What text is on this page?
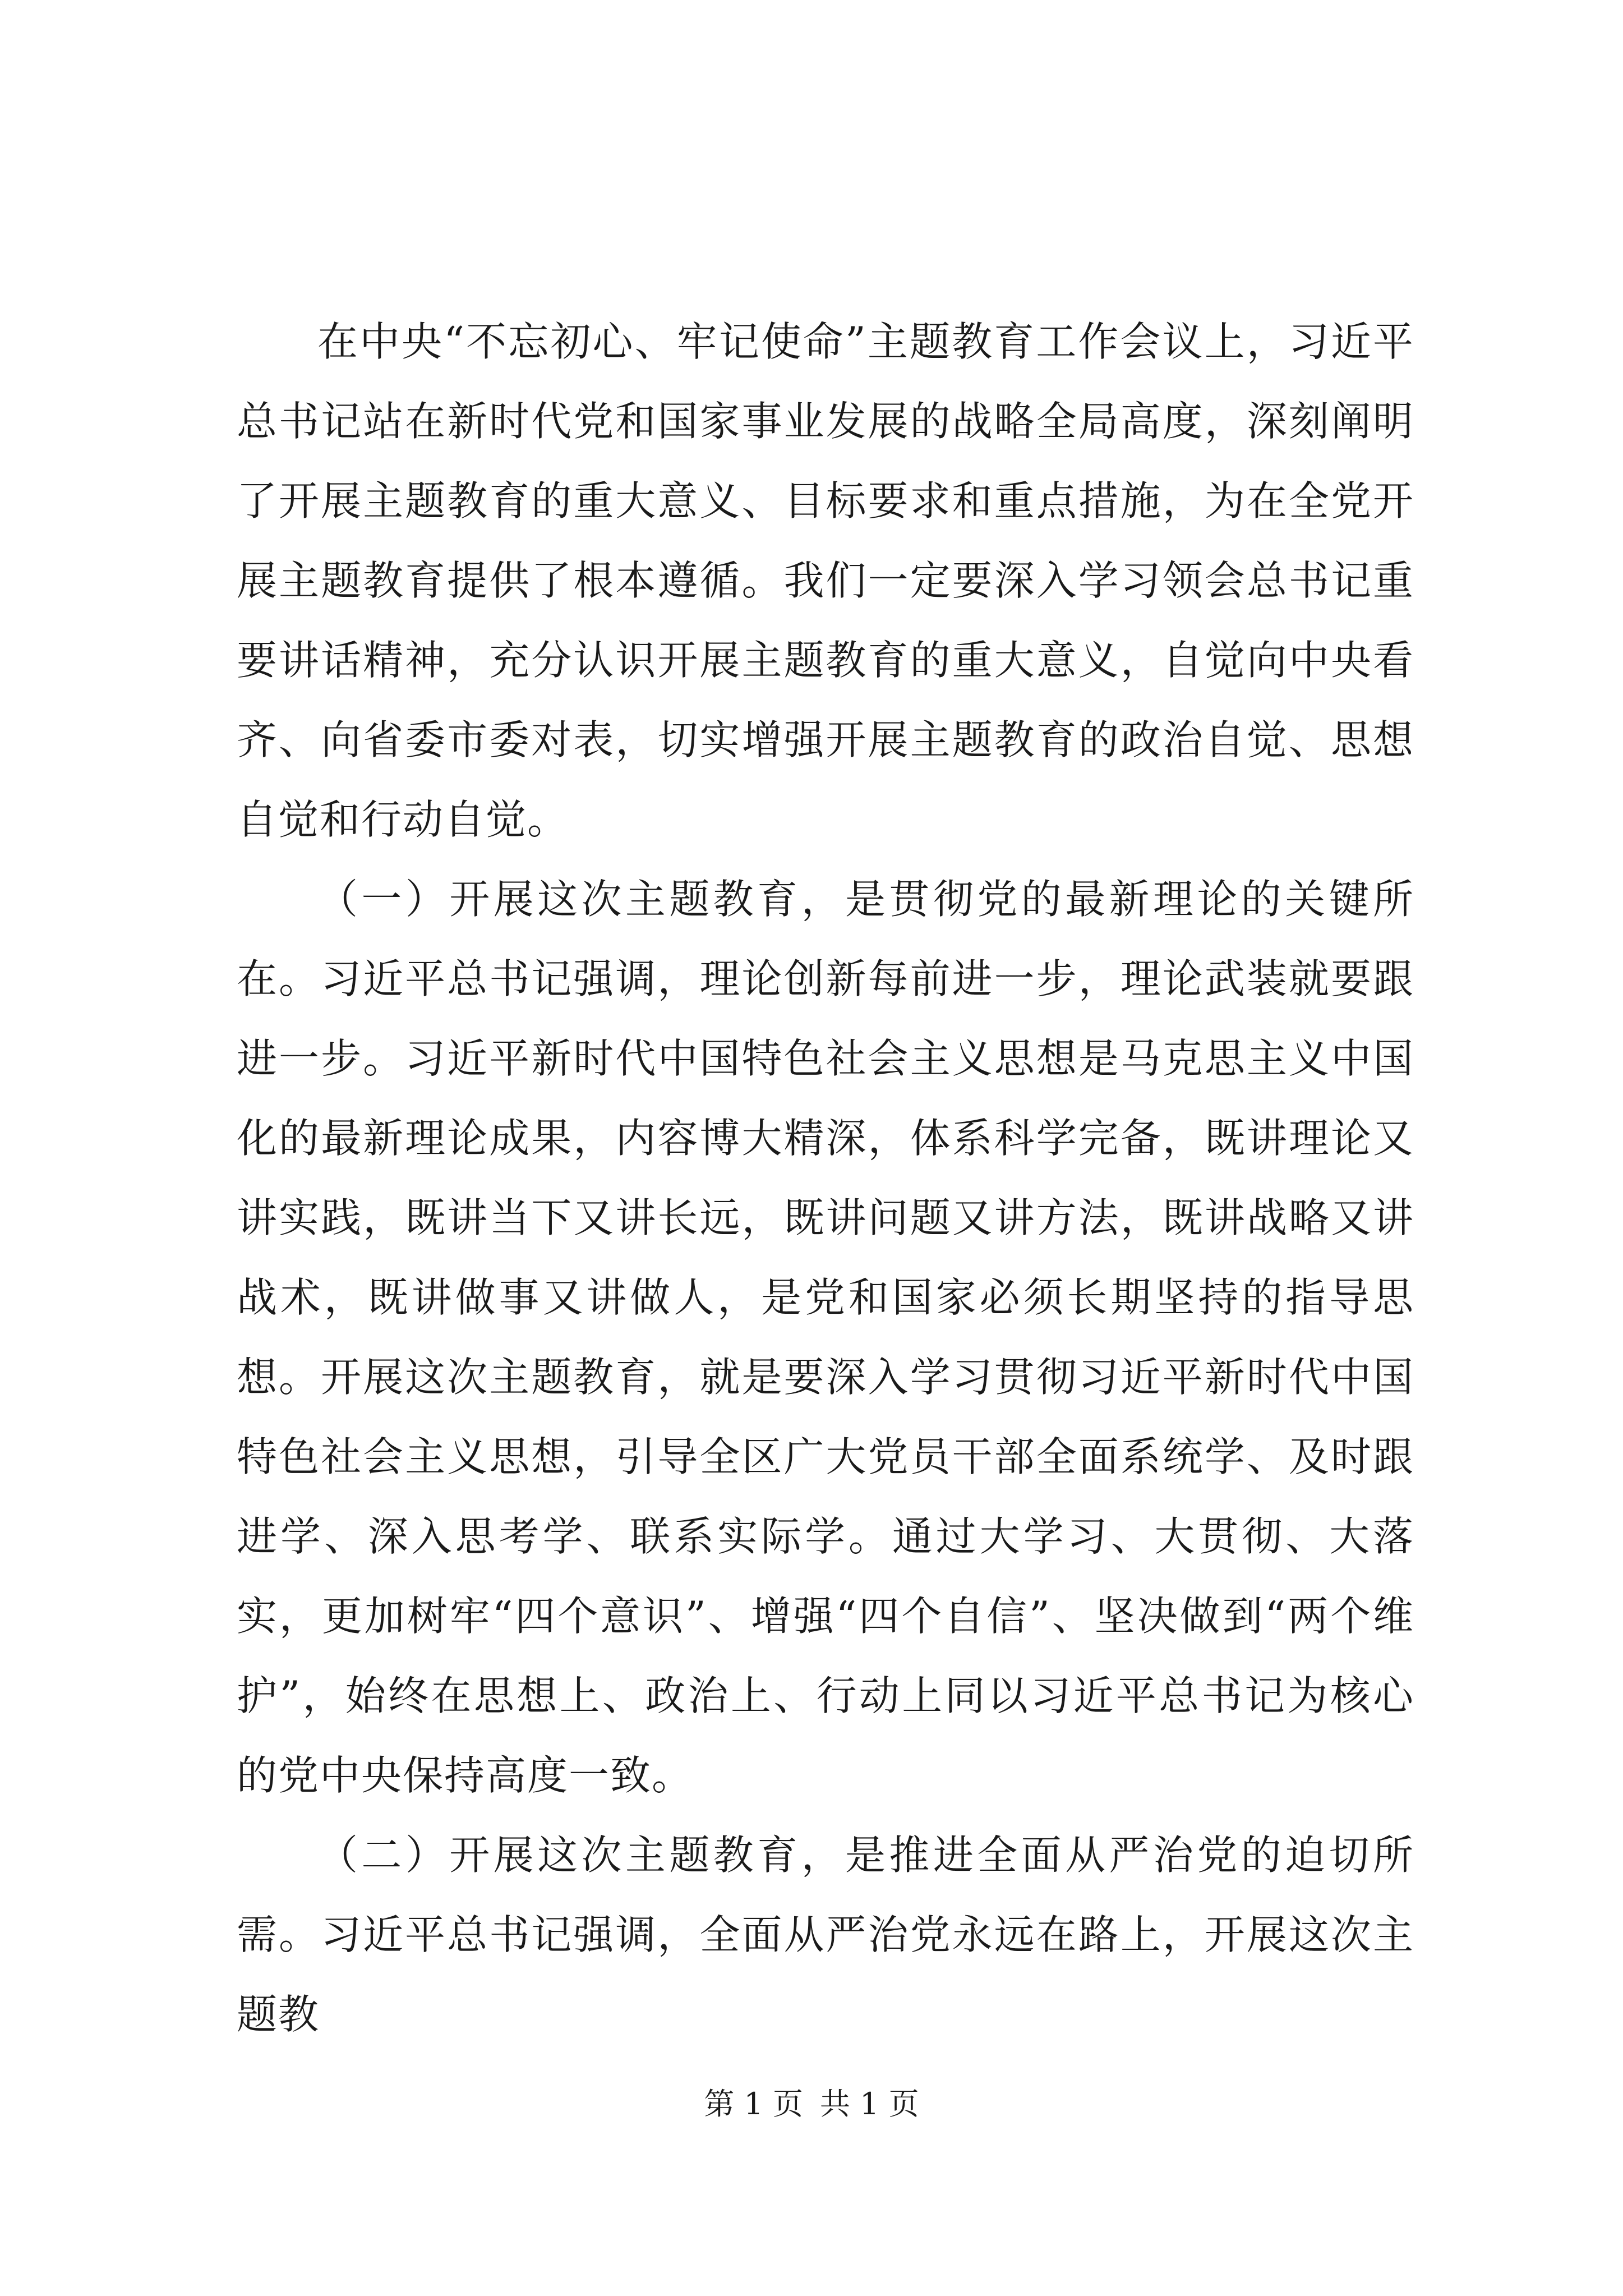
在中央“不忘初心、牢记使命”主题教育工作会议上，习近平总书记站在新时代党和国家事业发展的战略全局高度，深刻阐明了开展主题教育的重大意义、目标要求和重点措施，为在全党开展主题教育提供了根本遵循。我们一定要深入学习领会总书记重要讲话精神，充分认识开展主题教育的重大意义，自觉向中央看齐、向省委市委对表，切实增强开展主题教育的政治自觉、思想自觉和行动自觉。

（一）开展这次主题教育，是贯彻党的最新理论的关键所在。习近平总书记强调，理论创新每前进一步，理论武装就要跟进一步。习近平新时代中国特色社会主义思想是马克思主义中国化的最新理论成果，内容博大精深，体系科学完备，既讲理论又讲实践，既讲当下又讲长远，既讲问题又讲方法，既讲战略又讲战术，既讲做事又讲做人，是党和国家必须长期坚持的指导思想。开展这次主题教育，就是要深入学习贯彻习近平新时代中国特色社会主义思想，引导全区广大党员干部全面系统学、及时跟进学、深入思考学、联系实际学。通过大学习、大贯彻、大落实，更加树牢“四个意识”、增强“四个自信”、坚决做到“两个维护”，始终在思想上、政治上、行动上同以习近平总书记为核心的党中央保持高度一致。

（二）开展这次主题教育，是推进全面从严治党的迫切所需。习近平总书记强调，全面从严治党永远在路上，开展这次主题教

第 1 页 共 1 页
